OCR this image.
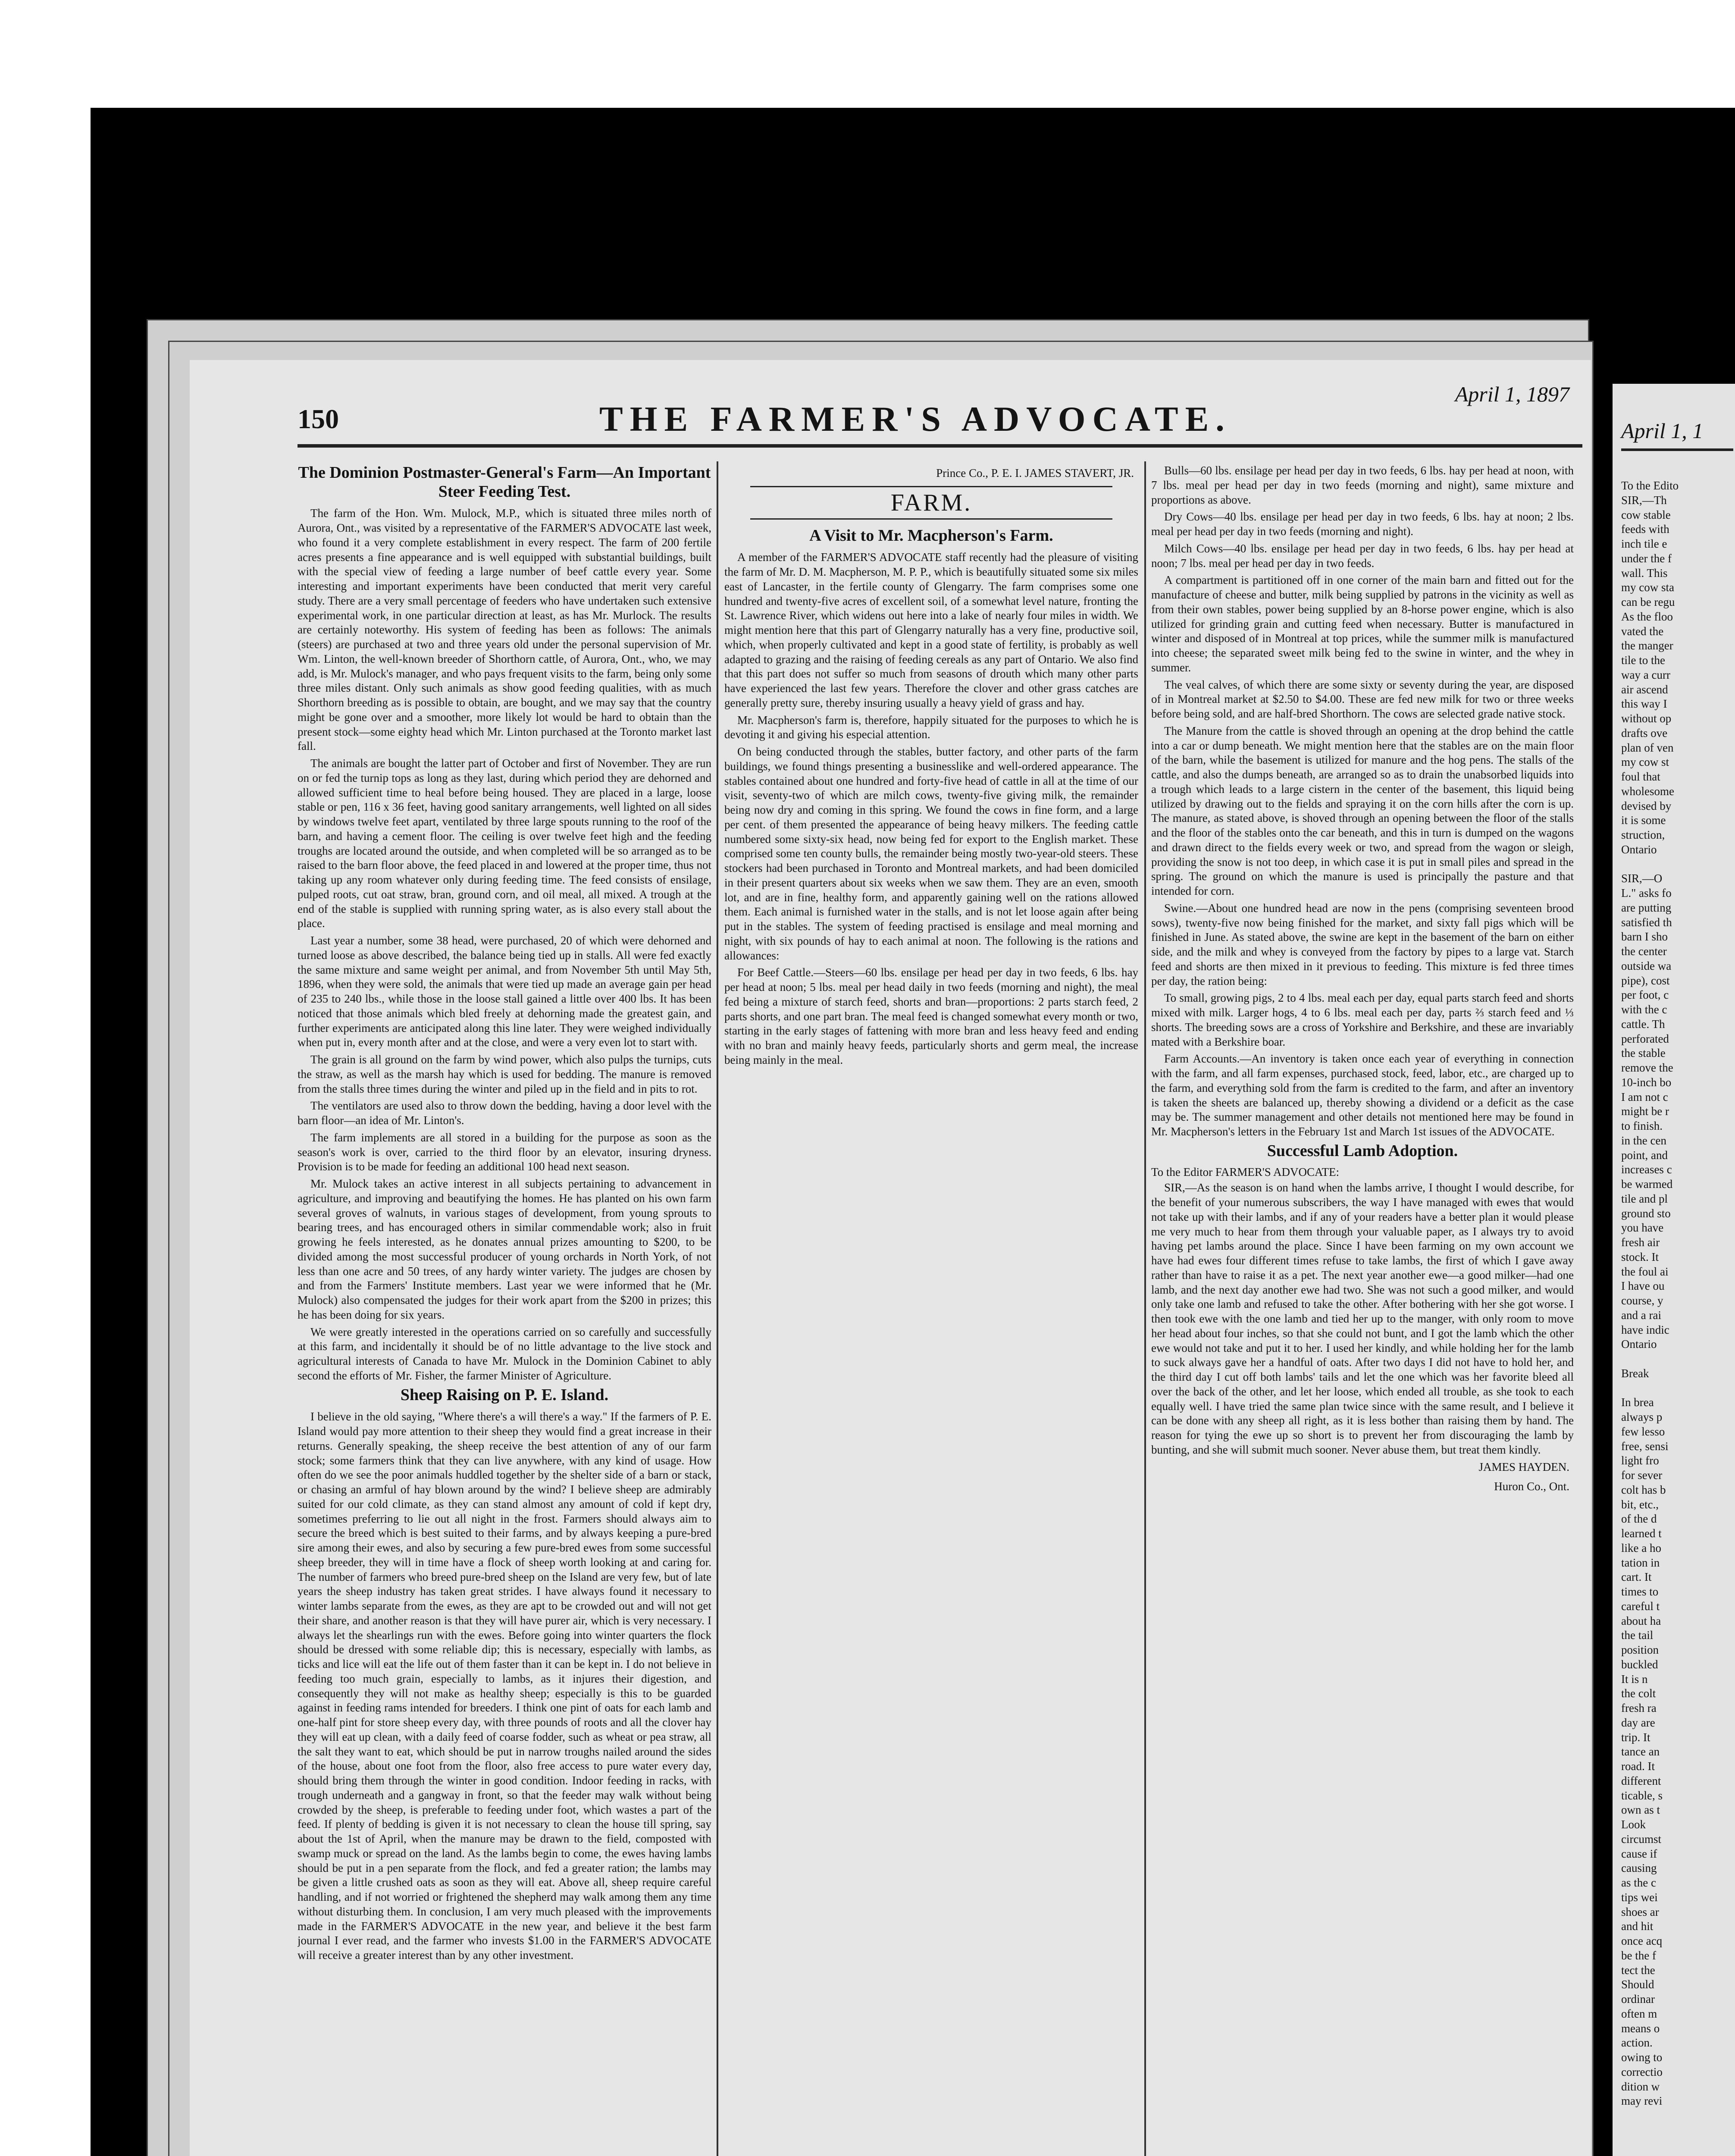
150	THE FARMER'S ADVOCATE.
April 1, 1897
The Dominion Postmaster-General's Farm—An Important Steer Feeding Test.

The farm of the Hon. Wm. Mulock, M.P., which is situated three miles north of Aurora, Ont., was visited by a representative of the FARMER'S ADVOCATE last week, who found it a very complete establishment in every respect. The farm of 200 fertile acres presents a fine appearance and is well equipped with substantial buildings, built with the special view of feeding a large number of beef cattle every year. Some interesting and important experiments have been conducted that merit very careful study. There are a very small percentage of feeders who have undertaken such extensive experimental work, in one particular direction at least, as has Mr. Murlock. The results are certainly noteworthy. His system of feeding has been as follows: The animals (steers) are purchased at two and three years old under the personal supervision of Mr. Wm. Linton, the well-known breeder of Shorthorn cattle, of Aurora, Ont., who, we may add, is Mr. Mulock's manager, and who pays frequent visits to the farm, being only some three miles distant. Only such animals as show good feeding qualities, with as much Shorthorn breeding as is possible to obtain, are bought, and we may say that the country might be gone over and a smoother, more likely lot would be hard to obtain than the present stock—some eighty head which Mr. Linton purchased at the Toronto market last fall.

The animals are bought the latter part of October and first of November. They are run on or fed the turnip tops as long as they last, during which period they are dehorned and allowed sufficient time to heal before being housed. They are placed in a large, loose stable or pen, 116 x 36 feet, having good sanitary arrangements, well lighted on all sides by windows twelve feet apart, ventilated by three large spouts running to the roof of the barn, and having a cement floor. The ceiling is over twelve feet high and the feeding troughs are located around the outside, and when completed will be so arranged as to be raised to the barn floor above, the feed placed in and lowered at the proper time, thus not taking up any room whatever only during feeding time. The feed consists of ensilage, pulped roots, cut oat straw, bran, ground corn, and oil meal, all mixed. A trough at the end of the stable is supplied with running spring water, as is also every stall about the place.

Last year a number, some 38 head, were purchased, 20 of which were dehorned and turned loose as above described, the balance being tied up in stalls. All were fed exactly the same mixture and same weight per animal, and from November 5th until May 5th, 1896, when they were sold, the animals that were tied up made an average gain per head of 235 to 240 lbs., while those in the loose stall gained a little over 400 lbs. It has been noticed that those animals which bled freely at dehorning made the greatest gain, and further experiments are anticipated along this line later. They were weighed individually when put in, every month after and at the close, and were a very even lot to start with.

The grain is all ground on the farm by wind power, which also pulps the turnips, cuts the straw, as well as the marsh hay which is used for bedding. The manure is removed from the stalls three times during the winter and piled up in the field and in pits to rot.

The ventilators are used also to throw down the bedding, having a door level with the barn floor—an idea of Mr. Linton's.

The farm implements are all stored in a building for the purpose as soon as the season's work is over, carried to the third floor by an elevator, insuring dryness. Provision is to be made for feeding an additional 100 head next season.

Mr. Mulock takes an active interest in all subjects pertaining to advancement in agriculture, and improving and beautifying the homes. He has planted on his own farm several groves of walnuts, in various stages of development, from young sprouts to bearing trees, and has encouraged others in similar commendable work; also in fruit growing he feels interested, as he donates annual prizes amounting to $200, to be divided among the most successful producer of young orchards in North York, of not less than one acre and 50 trees, of any hardy winter variety. The judges are chosen by and from the Farmers' Institute members. Last year we were informed that he (Mr. Mulock) also compensated the judges for their work apart from the $200 in prizes; this he has been doing for six years.

We were greatly interested in the operations carried on so carefully and successfully at this farm, and incidentally it should be of no little advantage to the live stock and agricultural interests of Canada to have Mr. Mulock in the Dominion Cabinet to ably second the efforts of Mr. Fisher, the farmer Minister of Agriculture.

Sheep Raising on P. E. Island.

I believe in the old saying, "Where there's a will there's a way." If the farmers of P. E. Island would pay more attention to their sheep they would find a great increase in their returns. Generally speaking, the sheep receive the best attention of any of our farm stock; some farmers think that they can live anywhere, with any kind of usage. How often do we see the poor animals huddled together by the shelter side of a barn or stack, or chasing an armful of hay blown around by the wind? I believe sheep are admirably suited for our cold climate, as they can stand almost any amount of cold if kept dry, sometimes preferring to lie out all night in the frost. Farmers should always aim to secure the breed which is best suited to their farms, and by always keeping a pure-bred sire among their ewes, and also by securing a few pure-bred ewes from some successful sheep breeder, they will in time have a flock of sheep worth looking at and caring for. The number of farmers who breed pure-bred sheep on the Island are very few, but of late years the sheep industry has taken great strides. I have always found it necessary to winter lambs separate from the ewes, as they are apt to be crowded out and will not get their share, and another reason is that they will have purer air, which is very necessary. I always let the shearlings run with the ewes. Before going into winter quarters the flock should be dressed with some reliable dip; this is necessary, especially with lambs, as ticks and lice will eat the life out of them faster than it can be kept in. I do not believe in feeding too much grain, especially to lambs, as it injures their digestion, and consequently they will not make as healthy sheep; especially is this to be guarded against in feeding rams intended for breeders. I think one pint of oats for each lamb and one-half pint for store sheep every day, with three pounds of roots and all the clover hay they will eat up clean, with a daily feed of coarse fodder, such as wheat or pea straw, all the salt they want to eat, which should be put in narrow troughs nailed around the sides of the house, about one foot from the floor, also free access to pure water every day, should bring them through the winter in good condition. Indoor feeding in racks, with trough underneath and a gangway in front, so that the feeder may walk without being crowded by the sheep, is preferable to feeding under foot, which wastes a part of the feed. If plenty of bedding is given it is not necessary to clean the house till spring, say about the 1st of April, when the manure may be drawn to the field, composted with swamp muck or spread on the land. As the lambs begin to come, the ewes having lambs should be put in a pen separate from the flock, and fed a greater ration; the lambs may be given a little crushed oats as soon as they will eat. Above all, sheep require careful handling, and if not worried or frightened the shepherd may walk among them any time without disturbing them. In conclusion, I am very much pleased with the improvements made in the FARMER'S ADVOCATE in the new year, and believe it the best farm journal I ever read, and the farmer who invests $1.00 in the FARMER'S ADVOCATE will receive a greater interest than by any other investment.

Prince Co., P. E. I. JAMES STAVERT, JR.

FARM.
A Visit to Mr. Macpherson's Farm.

A member of the FARMER'S ADVOCATE staff recently had the pleasure of visiting the farm of Mr. D. M. Macpherson, M. P. P., which is beautifully situated some six miles east of Lancaster, in the fertile county of Glengarry. The farm comprises some one hundred and twenty-five acres of excellent soil, of a somewhat level nature, fronting the St. Lawrence River, which widens out here into a lake of nearly four miles in width. We might mention here that this part of Glengarry naturally has a very fine, productive soil, which, when properly cultivated and kept in a good state of fertility, is probably as well adapted to grazing and the raising of feeding cereals as any part of Ontario. We also find that this part does not suffer so much from seasons of drouth which many other parts have experienced the last few years. Therefore the clover and other grass catches are generally pretty sure, thereby insuring usually a heavy yield of grass and hay.

Mr. Macpherson's farm is, therefore, happily situated for the purposes to which he is devoting it and giving his especial attention.

On being conducted through the stables, butter factory, and other parts of the farm buildings, we found things presenting a businesslike and well-ordered appearance. The stables contained about one hundred and forty-five head of cattle in all at the time of our visit, seventy-two of which are milch cows, twenty-five giving milk, the remainder being now dry and coming in this spring. We found the cows in fine form, and a large per cent. of them presented the appearance of being heavy milkers. The feeding cattle numbered some sixty-six head, now being fed for export to the English market. These comprised some ten county bulls, the remainder being mostly two-year-old steers. These stockers had been purchased in Toronto and Montreal markets, and had been domiciled in their present quarters about six weeks when we saw them. They are an even, smooth lot, and are in fine, healthy form, and apparently gaining well on the rations allowed them. Each animal is furnished water in the stalls, and is not let loose again after being put in the stables. The system of feeding practised is ensilage and meal morning and night, with six pounds of hay to each animal at noon. The following is the rations and allowances:

For Beef Cattle.—Steers—60 lbs. ensilage per head per day in two feeds, 6 lbs. hay per head at noon; 5 lbs. meal per head daily in two feeds (morning and night), the meal fed being a mixture of starch feed, shorts and bran—proportions: 2 parts starch feed, 2 parts shorts, and one part bran. The meal feed is changed somewhat every month or two, starting in the early stages of fattening with more bran and less heavy feed and ending with no bran and mainly heavy feeds, particularly shorts and germ meal, the increase being mainly in the meal.

Bulls—60 lbs. ensilage per head per day in two feeds, 6 lbs. hay per head at noon, with 7 lbs. meal per head per day in two feeds (morning and night), same mixture and proportions as above.

Dry Cows—40 lbs. ensilage per head per day in two feeds, 6 lbs. hay at noon; 2 lbs. meal per head per day in two feeds (morning and night).

Milch Cows—40 lbs. ensilage per head per day in two feeds, 6 lbs. hay per head at noon; 7 lbs. meal per head per day in two feeds.

A compartment is partitioned off in one corner of the main barn and fitted out for the manufacture of cheese and butter, milk being supplied by patrons in the vicinity as well as from their own stables, power being supplied by an 8-horse power engine, which is also utilized for grinding grain and cutting feed when necessary. Butter is manufactured in winter and disposed of in Montreal at top prices, while the summer milk is manufactured into cheese; the separated sweet milk being fed to the swine in winter, and the whey in summer.

The veal calves, of which there are some sixty or seventy during the year, are disposed of in Montreal market at $2.50 to $4.00. These are fed new milk for two or three weeks before being sold, and are half-bred Shorthorn. The cows are selected grade native stock.

The Manure from the cattle is shoved through an opening at the drop behind the cattle into a car or dump beneath. We might mention here that the stables are on the main floor of the barn, while the basement is utilized for manure and the hog pens. The stalls of the cattle, and also the dumps beneath, are arranged so as to drain the unabsorbed liquids into a trough which leads to a large cistern in the center of the basement, this liquid being utilized by drawing out to the fields and spraying it on the corn hills after the corn is up. The manure, as stated above, is shoved through an opening between the floor of the stalls and the floor of the stables onto the car beneath, and this in turn is dumped on the wagons and drawn direct to the fields every week or two, and spread from the wagon or sleigh, providing the snow is not too deep, in which case it is put in small piles and spread in the spring. The ground on which the manure is used is principally the pasture and that intended for corn.

Swine.—About one hundred head are now in the pens (comprising seventeen brood sows), twenty-five now being finished for the market, and sixty fall pigs which will be finished in June. As stated above, the swine are kept in the basement of the barn on either side, and the milk and whey is conveyed from the factory by pipes to a large vat. Starch feed and shorts are then mixed in it previous to feeding. This mixture is fed three times per day, the ration being:

To small, growing pigs, 2 to 4 lbs. meal each per day, equal parts starch feed and shorts mixed with milk. Larger hogs, 4 to 6 lbs. meal each per day, parts ⅔ starch feed and ⅓ shorts. The breeding sows are a cross of Yorkshire and Berkshire, and these are invariably mated with a Berkshire boar.

Farm Accounts.—An inventory is taken once each year of everything in connection with the farm, and all farm expenses, purchased stock, feed, labor, etc., are charged up to the farm, and everything sold from the farm is credited to the farm, and after an inventory is taken the sheets are balanced up, thereby showing a dividend or a deficit as the case may be. The summer management and other details not mentioned here may be found in Mr. Macpherson's letters in the February 1st and March 1st issues of the ADVOCATE.

Successful Lamb Adoption.
To the Editor FARMER'S ADVOCATE:

SIR,—As the season is on hand when the lambs arrive, I thought I would describe, for the benefit of your numerous subscribers, the way I have managed with ewes that would not take up with their lambs, and if any of your readers have a better plan it would please me very much to hear from them through your valuable paper, as I always try to avoid having pet lambs around the place. Since I have been farming on my own account we have had ewes four different times refuse to take lambs, the first of which I gave away rather than have to raise it as a pet. The next year another ewe—a good milker—had one lamb, and the next day another ewe had two. She was not such a good milker, and would only take one lamb and refused to take the other. After bothering with her she got worse. I then took ewe with the one lamb and tied her up to the manger, with only room to move her head about four inches, so that she could not bunt, and I got the lamb which the other ewe would not take and put it to her. I used her kindly, and while holding her for the lamb to suck always gave her a handful of oats. After two days I did not have to hold her, and the third day I cut off both lambs' tails and let the one which was her favorite bleed all over the back of the other, and let her loose, which ended all trouble, as she took to each equally well. I have tried the same plan twice since with the same result, and I believe it can be done with any sheep all right, as it is less bother than raising them by hand. The reason for tying the ewe up so short is to prevent her from discouraging the lamb by bunting, and she will submit much sooner. Never abuse them, but treat them kindly.

JAMES HAYDEN.

Huron Co., Ont.

April 1, 1
To the Edito
SIR,—Th
cow stable
feeds with
inch tile e
under the f
wall. This
my cow sta
can be regu
As the floo
vated the
the manger
tile to the
way a curr
air ascend
this way I
without op
drafts ove
plan of ven
my cow st
foul that
wholesome
devised by
it is some
struction,
Ontario

SIR,—O
L." asks fo
are putting
satisfied th
barn I sho
the center
outside wa
pipe), cost
per foot, c
with the c
cattle. Th
perforated
the stable
remove the
10-inch bo
I am not c
might be r
to finish.
in the cen
point, and
increases c
be warmed
tile and pl
ground sto
you have
fresh air
stock. It
the foul ai
I have ou
course, y
and a rai
have indic
Ontario

Break

In brea
always p
few lesso
free, sensi
light fro
for sever
colt has b
bit, etc.,
of the d
learned t
like a ho
tation in
cart. It
times to
careful t
about ha
the tail
position
buckled
It is n
the colt
fresh ra
day are
trip. It
tance an
road. It
different
ticable, s
own as t
Look
circumst
cause if
causing
as the c
tips wei
shoes ar
and hit
once acq
be the f
tect the
Should
ordinar
often m
means o
action.
owing to
correctio
dition w
may revi
